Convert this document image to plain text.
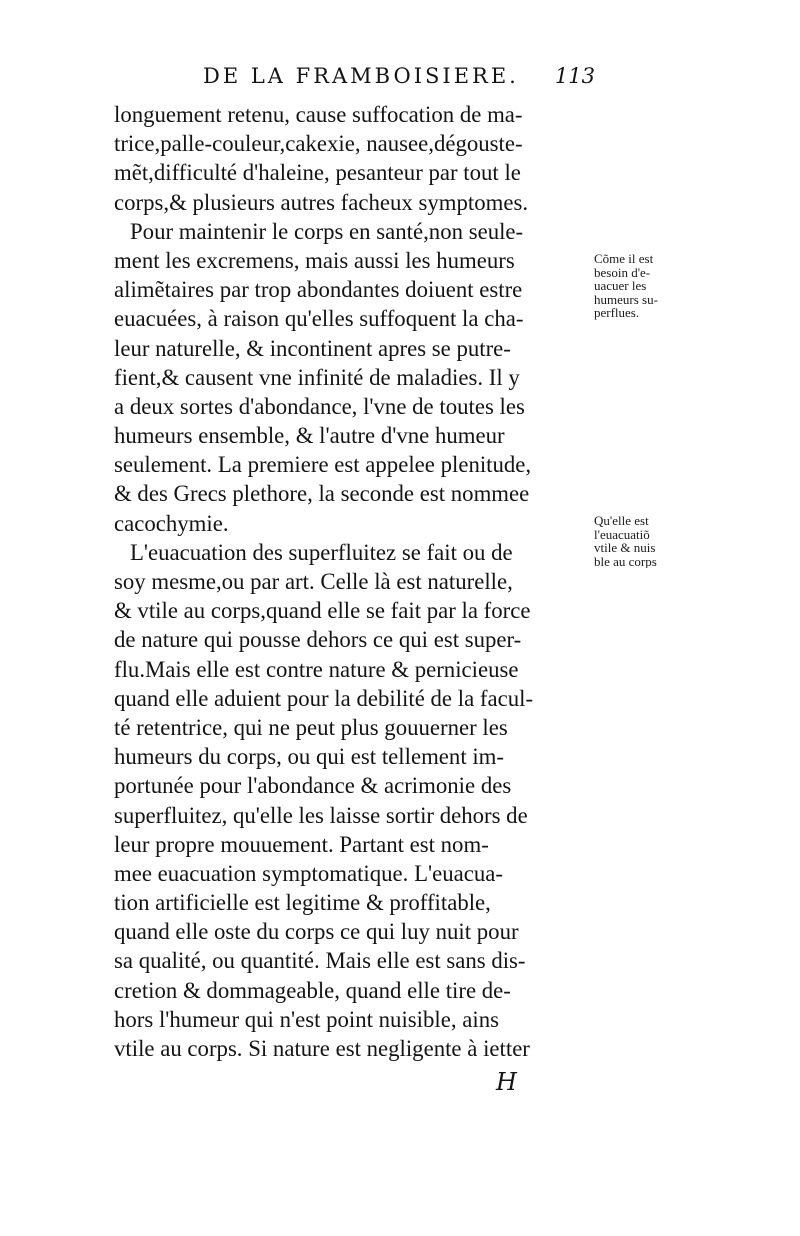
DE LA FRAMBOISIERE. 113
longuement retenu, cause suffocation de ma-
trice,palle-couleur,cakexie, nausee,dégouste-
mẽt,difficulté d'haleine, pesanteur par tout le
corps,& plusieurs autres facheux symptomes.
Pour maintenir le corps en santé,non seule-
ment les excremens, mais aussi les humeurs
alimẽtaires par trop abondantes doiuent estre
euacuées, à raison qu'elles suffoquent la cha-
leur naturelle, & incontinent apres se putre-
fient,& causent vne infinité de maladies. Il y
a deux sortes d'abondance, l'vne de toutes les
humeurs ensemble, & l'autre d'vne humeur
seulement. La premiere est appelee plenitude,
& des Grecs plethore, la seconde est nommee
cacochymie.
L'euacuation des superfluitez se fait ou de
soy mesme,ou par art. Celle là est naturelle,
& vtile au corps,quand elle se fait par la force
de nature qui pousse dehors ce qui est super-
flu.Mais elle est contre nature & pernicieuse
quand elle aduient pour la debilité de la facul-
té retentrice, qui ne peut plus gouuerner les
humeurs du corps, ou qui est tellement im-
portunée pour l'abondance & acrimonie des
superfluitez, qu'elle les laisse sortir dehors de
leur propre mouuement. Partant est nom-
mee euacuation symptomatique. L'euacua-
tion artificielle est legitime & proffitable,
quand elle oste du corps ce qui luy nuit pour
sa qualité, ou quantité. Mais elle est sans dis-
cretion & dommageable, quand elle tire de-
hors l'humeur qui n'est point nuisible, ains
vtile au corps. Si nature est negligente à ietter
Cõme il est
besoin d'e-
uacuer les
humeurs su-
perflues.
Qu'elle est
l'euacuatiõ
vtile & nuis
ble au corps
H
